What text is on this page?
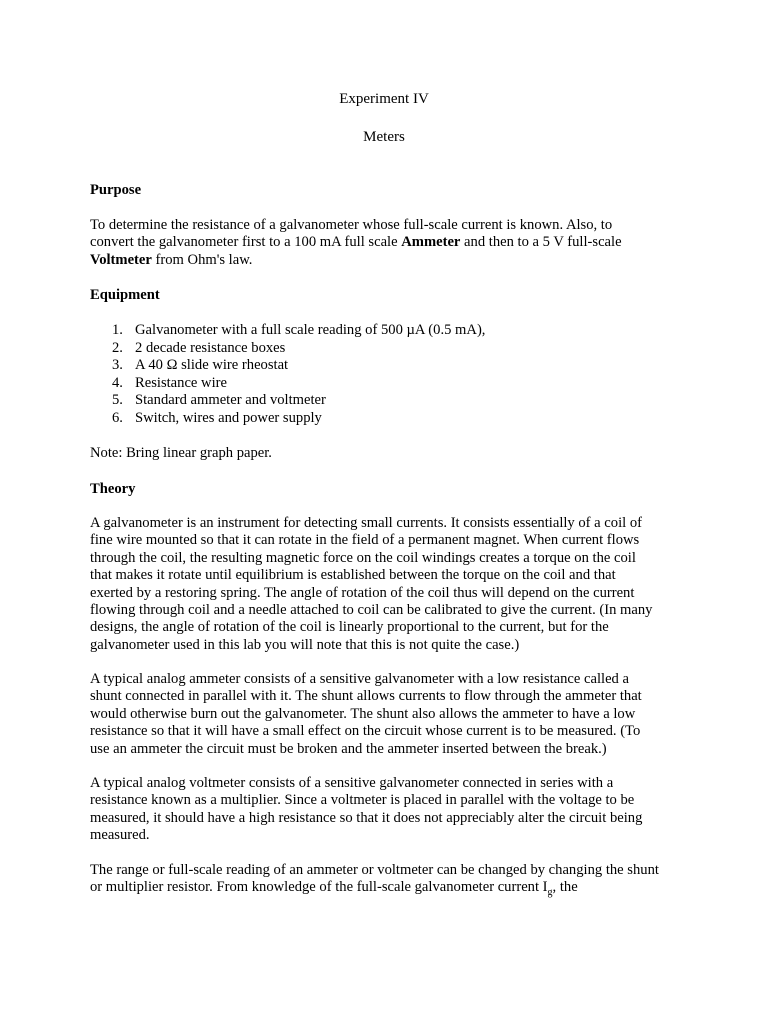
Experiment IV

Meters

Purpose

To determine the resistance of a galvanometer whose full-scale current is known. Also, to
convert the galvanometer first to a 100 mA full scale Ammeter and then to a 5 V full-scale
Voltmeter from Ohm's law.

Equipment

1. Galvanometer with a full scale reading of 500 µA (0.5 mA),
2. 2 decade resistance boxes
3. A 40 Ω slide wire rheostat
4. Resistance wire
5. Standard ammeter and voltmeter
6. Switch, wires and power supply

Note: Bring linear graph paper.

Theory

A galvanometer is an instrument for detecting small currents. It consists essentially of a coil of
fine wire mounted so that it can rotate in the field of a permanent magnet. When current flows
through the coil, the resulting magnetic force on the coil windings creates a torque on the coil
that makes it rotate until equilibrium is established between the torque on the coil and that
exerted by a restoring spring. The angle of rotation of the coil thus will depend on the current
flowing through coil and a needle attached to coil can be calibrated to give the current. (In many
designs, the angle of rotation of the coil is linearly proportional to the current, but for the
galvanometer used in this lab you will note that this is not quite the case.)
A typical analog ammeter consists of a sensitive galvanometer with a low resistance called a
shunt connected in parallel with it. The shunt allows currents to flow through the ammeter that
would otherwise burn out the galvanometer. The shunt also allows the ammeter to have a low
resistance so that it will have a small effect on the circuit whose current is to be measured. (To
use an ammeter the circuit must be broken and the ammeter inserted between the break.)
A typical analog voltmeter consists of a sensitive galvanometer connected in series with a
resistance known as a multiplier. Since a voltmeter is placed in parallel with the voltage to be
measured, it should have a high resistance so that it does not appreciably alter the circuit being
measured.
The range or full-scale reading of an ammeter or voltmeter can be changed by changing the shunt
or multiplier resistor. From knowledge of the full-scale galvanometer current $I_g$, the
